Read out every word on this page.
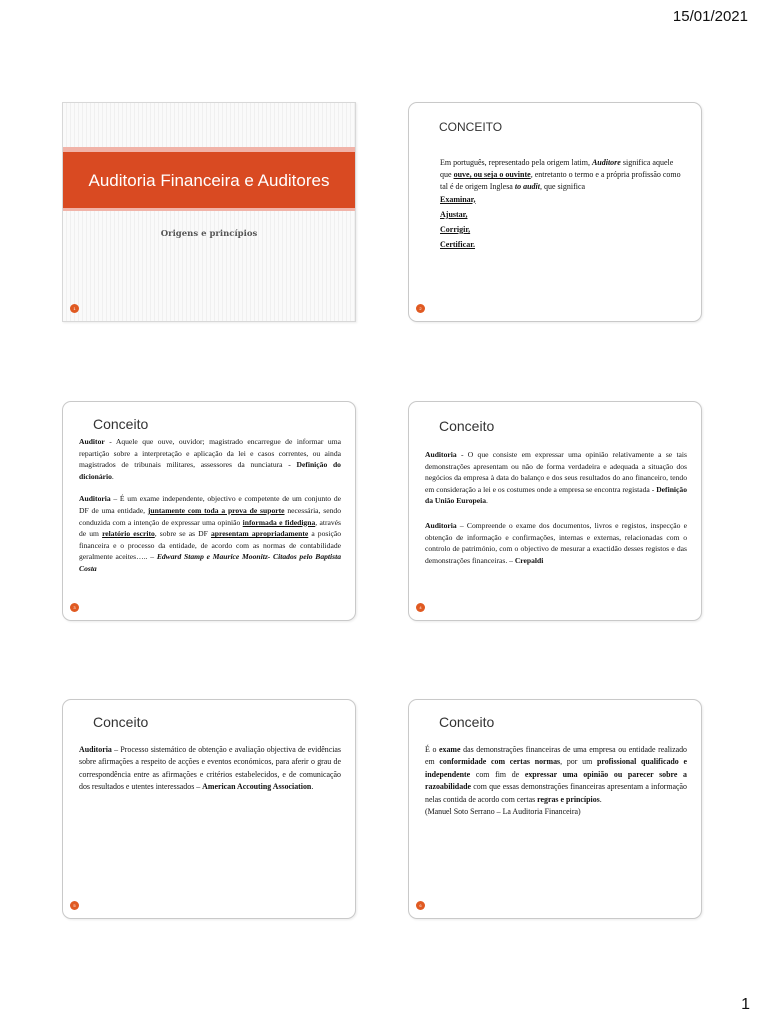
15/01/2021
Auditoria Financeira e Auditores
Origens e princípios
1
CONCEITO

Em português, representado pela origem latim, Auditore significa aquele que ouve, ou seja o ouvinte, entretanto o termo e a própria profissão como tal é de origem Inglesa to audit, que significa

Examinar,
Ajustar,
Corrigir,
Certificar.
2
Conceito

Auditor - Aquele que ouve, ouvidor; magistrado encarregue de informar uma repartição sobre a interpretação e aplicação da lei e casos correntes, ou ainda magistrados de tribunais militares, assessores da nunciatura - Definição do dicionário.

Auditoria – É um exame independente, objectivo e competente de um conjunto de DF de uma entidade, juntamente com toda a prova de suporte necessária, sendo conduzida com a intenção de expressar uma opinião informada e fidedigna, através de um relatório escrito, sobre se as DF apresentam apropriadamente a posição financeira e o processo da entidade, de acordo com as normas de contabilidade geralmente aceites….. – Edward Stamp e Maurice Moonitz- Citados pelo Baptista Costa

3
Conceito

Auditoria - O que consiste em expressar uma opinião relativamente a se tais demonstrações apresentam ou não de forma verdadeira e adequada a situação dos negócios da empresa à data do balanço e dos seus resultados do ano financeiro, tendo em consideração a lei e os costumes onde a empresa se encontra registada - Definição da União Europeia.

Auditoria – Compreende o exame dos documentos, livros e registos, inspecção e obtenção de informação e confirmações, internas e externas, relacionadas com o controlo de património, com o objectivo de mesurar a exactidão desses registos e das demonstrações financeiras. – Crepaldi

4
Conceito

Auditoria – Processo sistemático de obtenção e avaliação objectiva de evidências sobre afirmações a respeito de acções e eventos económicos, para aferir o grau de correspondência entre as afirmações e critérios estabelecidos, e de comunicação dos resultados e utentes interessados – American Accouting Association.

5
Conceito

É o exame das demonstrações financeiras de uma empresa ou entidade realizado em conformidade com certas normas, por um profissional qualificado e independente com fim de expressar uma opinião ou parecer sobre a razoabilidade com que essas demonstrações financeiras apresentam a informação nelas contida de acordo com certas regras e princípios.

(Manuel Soto Serrano – La Auditoria Financeira)
6
1
